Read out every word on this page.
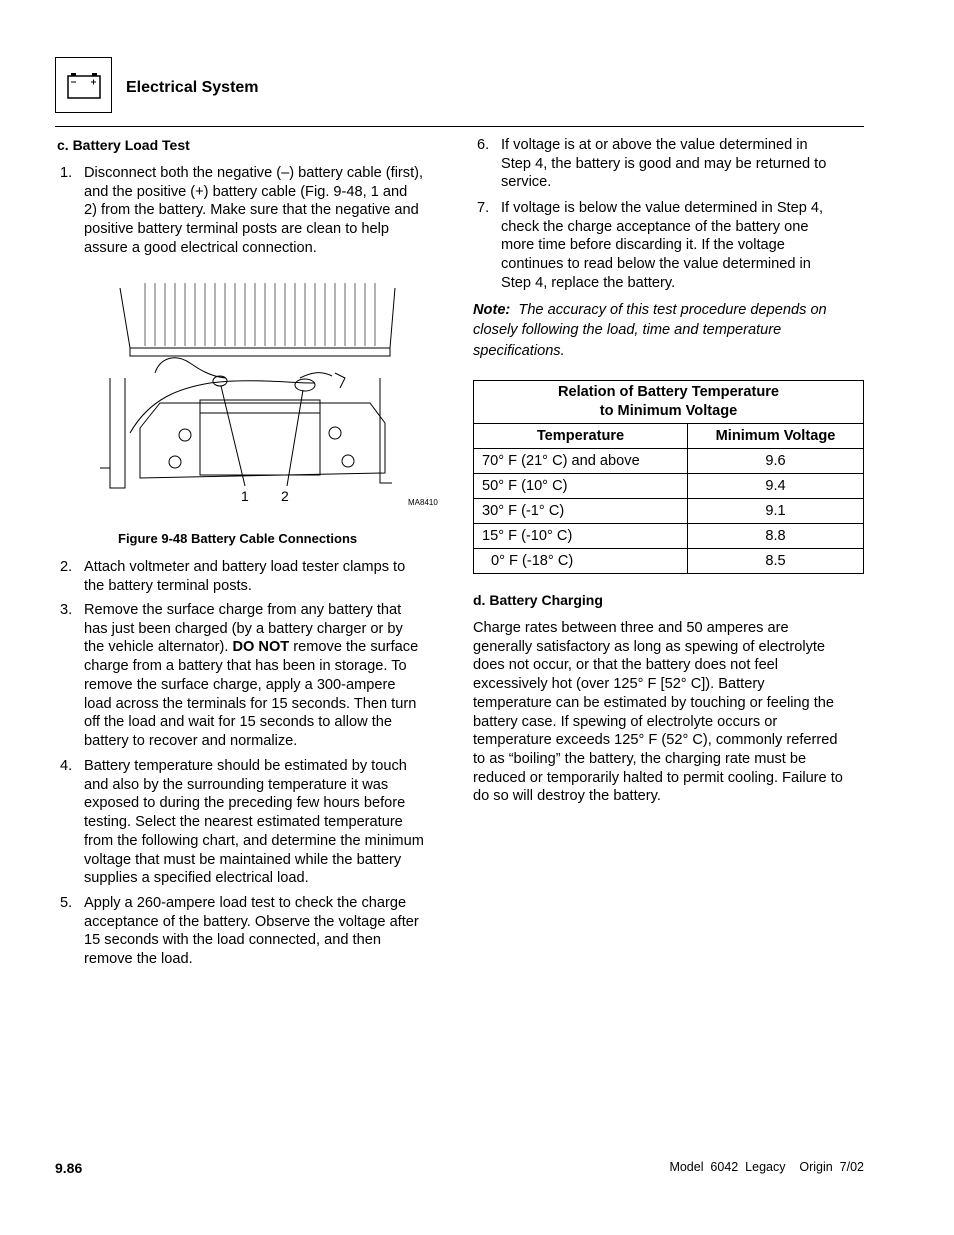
Electrical System
c. Battery Load Test
1. Disconnect both the negative (–) battery cable (first),
and the positive (+) battery cable (Fig. 9-48, 1 and
2) from the battery. Make sure that the negative and
positive battery terminal posts are clean to help
assure a good electrical connection.
1 2	MA8410
Figure 9-48 Battery Cable Connections
2. Attach voltmeter and battery load tester clamps to
the battery terminal posts.
3. Remove the surface charge from any battery that
has just been charged (by a battery charger or by
the vehicle alternator). DO NOT remove the surface
charge from a battery that has been in storage. To
remove the surface charge, apply a 300-ampere
load across the terminals for 15 seconds. Then turn
off the load and wait for 15 seconds to allow the
battery to recover and normalize.
4. Battery temperature should be estimated by touch
and also by the surrounding temperature it was
exposed to during the preceding few hours before
testing. Select the nearest estimated temperature
from the following chart, and determine the minimum
voltage that must be maintained while the battery
supplies a specified electrical load.
5. Apply a 260-ampere load test to check the charge
acceptance of the battery. Observe the voltage after
15 seconds with the load connected, and then
remove the load.
6. If voltage is at or above the value determined in
Step 4, the battery is good and may be returned to
service.
7. If voltage is below the value determined in Step 4,
check the charge acceptance of the battery one
more time before discarding it. If the voltage
continues to read below the value determined in
Step 4, replace the battery.
Note: The accuracy of this test procedure depends on
closely following the load, time and temperature
specifications.
Relation of Battery Temperature
to Minimum Voltage	

Temperature	Minimum Voltage
70° F (21° C) and above	9.6
50° F (10° C)	9.4
30° F (-1° C)	9.1
15° F (-10° C)	8.8
0° F (-18° C)	8.5
d. Battery Charging
Charge rates between three and 50 amperes are
generally satisfactory as long as spewing of electrolyte
does not occur, or that the battery does not feel
excessively hot (over 125° F [52° C]). Battery
temperature can be estimated by touching or feeling the
battery case. If spewing of electrolyte occurs or
temperature exceeds 125° F (52° C), commonly referred
to as “boiling” the battery, the charging rate must be
reduced or temporarily halted to permit cooling. Failure to
do so will destroy the battery.
9.86	Model  6042  Legacy    Origin  7/02
